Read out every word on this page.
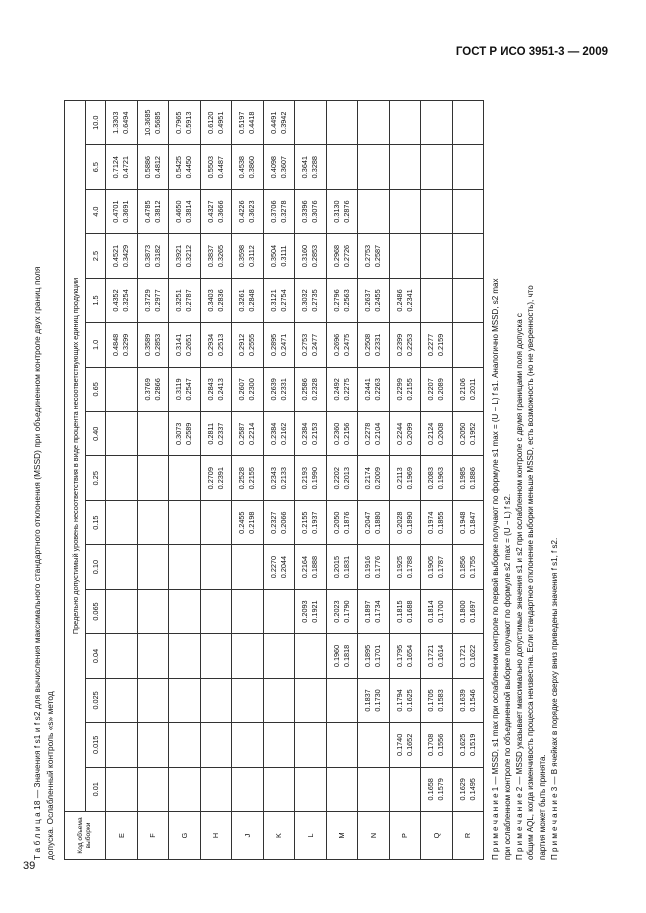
ГОСТ Р ИСО 3951-3 — 2009
Т а б л и ц а 18 — Значения f s1 и f s2 для вычисления максимального стандартного отклонения (MSSD) при объединенном контроле двух границ поля допуска. Ослабленный контроль «s» метод	Код объема выборки	Предельно допустимый уровень несоответствия в виде процента несоответствующих единиц продукции															
	0.01	0.015	0.025	0.04	0.065	0.10	0.15	0.25	0.40	0.65	1.0	1.5	2.5	4.0	6.5	10.0
E											0.4848 0.3299	0.4352 0.3254	0.4521 0.3429	0.4701 0.3691	0.7124 0.4721	1.3303 0.6494

F										0.3769 0.2866	0.3589 0.2853	0.3729 0.2977	0.3873 0.3182	0.4785 0.3812	0.5886 0.4812	10.3685 0.5685

G									0.3073 0.2589	0.3119 0.2547	0.3141 0.2651	0.3251 0.2787	0.3921 0.3212	0.4650 0.3814	0.5425 0.4450	0.7965 0.5913

H								0.2709 0.2391	0.2811 0.2337	0.2843 0.2413	0.2934 0.2513	0.3403 0.2836	0.3837 0.3265	0.4327 0.3666	0.5503 0.4487	0.6120 0.4951

J							0.2455 0.2198	0.2528 0.2155	0.2587 0.2214	0.2607 0.2300	0.2912 0.2555	0.3261 0.2848	0.3598 0.3112	0.4226 0.3623	0.4538 0.3860	0.5197 0.4418

K						0.2270 0.2044	0.2327 0.2066	0.2343 0.2133	0.2384 0.2162	0.2639 0.2331	0.2895 0.2471	0.3121 0.2754	0.3504 0.3111	0.3706 0.3278	0.4098 0.3607	0.4491 0.3942

L					0.2093 0.1921	0.2164 0.1888	0.2155 0.1937	0.2193 0.1990	0.2384 0.2153	0.2586 0.2328	0.2753 0.2477	0.3032 0.2735	0.3160 0.2853	0.3396 0.3076	0.3641 0.3288	

M				0.1960 0.1818	0.2023 0.1790	0.2015 0.1831	0.2050 0.1876	0.2202 0.2013	0.2360 0.2156	0.2492 0.2275	0.2696 0.2475	0.2796 0.2563	0.2968 0.2726	0.3130 0.2876		

N			0.1837 0.1730	0.1895 0.1701	0.1897 0.1734	0.1916 0.1776	0.2047 0.1880	0.2174 0.2009	0.2278 0.2104	0.2441 0.2263	0.2508 0.2331	0.2637 0.2455	0.2753 0.2587			

P		0.1740 0.1652	0.1794 0.1625	0.1795 0.1654	0.1815 0.1688	0.1925 0.1788	0.2028 0.1890	0.2113 0.1969	0.2244 0.2099	0.2299 0.2155	0.2399 0.2253	0.2486 0.2341				

Q	0.1658 0.1579	0.1708 0.1556	0.1705 0.1583	0.1721 0.1614	0.1814 0.1700	0.1905 0.1787	0.1974 0.1855	0.2083 0.1963	0.2124 0.2008	0.2207 0.2089	0.2277 0.2159					

R	0.1629 0.1495	0.1625 0.1519	0.1639 0.1546	0.1721 0.1622	0.1800 0.1697	0.1856 0.1755	0.1948 0.1847	0.1985 0.1886	0.2050 0.1952	0.2106 0.2011						

	П р и м е ч а н и е 1 — MSSD, s1 max при ослабленном контроле по первой выборке получают по формуле s1 max = (U − L) f s1. Аналогично MSSD, s2 max при ослабленном контроле по объединенной выборке получают по формуле s2 max = (U − L) f s2. П р и м е ч а н и е 2 — MSSD указывает максимально допустимые значения s1 и s2 при ослабленном контроле с двумя границами поля допуска с общим AQL, когда изменчивость процесса неизвестна. Если стандартное отклонение выборки меньше MSSD, есть возможность (но не уверенность), что партия может быть принята. П р и м е ч а н и е 3 — В ячейках в порядке сверху вниз приведены значения f s1, f s2.

39
